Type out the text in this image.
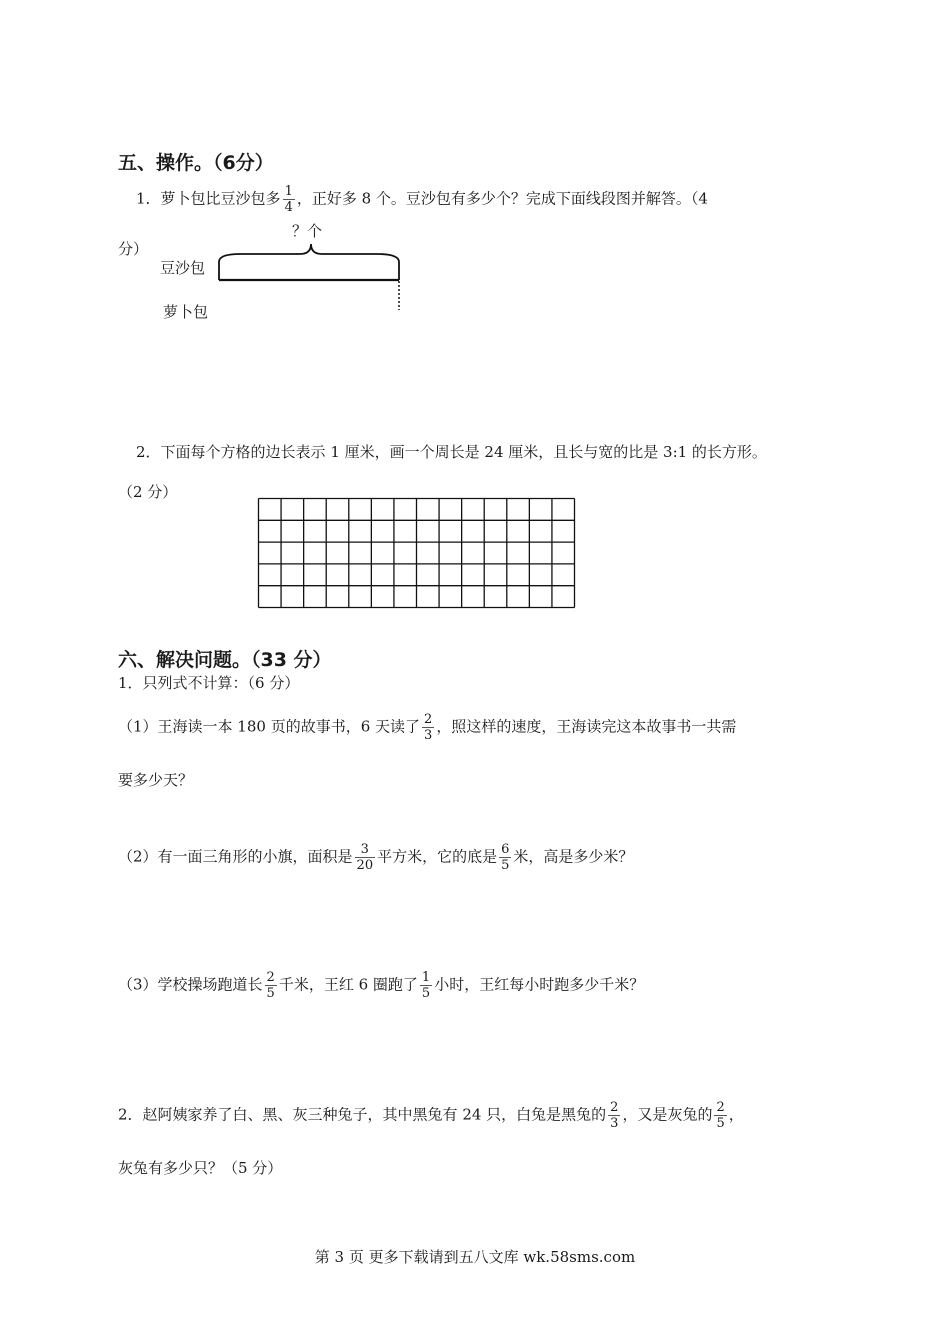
五、操作。（6分）
1．萝卜包比豆沙包多 $\frac{1}{4}$ ，正好多 8 个。豆沙包有多少个？完成下面线段图并解答。（4
分）
？个
豆沙包
萝卜包
2．下面每个方格的边长表示 1 厘米，画一个周长是 24 厘米，且长与宽的比是 3:1 的长方形。
（2 分）
六、解决问题。（33 分）
1．只列式不计算：（6 分）
（1）王海读一本 180 页的故事书，6 天读了 $\frac{2}{3}$ ，照这样的速度，王海读完这本故事书一共需
要多少天？
（2）有一面三角形的小旗，面积是 $\frac{3}{20}$ 平方米，它的底是 $\frac{6}{5}$ 米，高是多少米？
（3）学校操场跑道长 $\frac{2}{5}$ 千米，王红 6 圈跑了 $\frac{1}{5}$ 小时，王红每小时跑多少千米？
2．赵阿姨家养了白、黑、灰三种兔子，其中黑兔有 24 只，白兔是黑兔的 $\frac{2}{3}$ ，又是灰兔的 $\frac{2}{5}$ ，
灰兔有多少只？（5 分）
第 3 页 更多下载请到五八文库 wk.58sms.com
